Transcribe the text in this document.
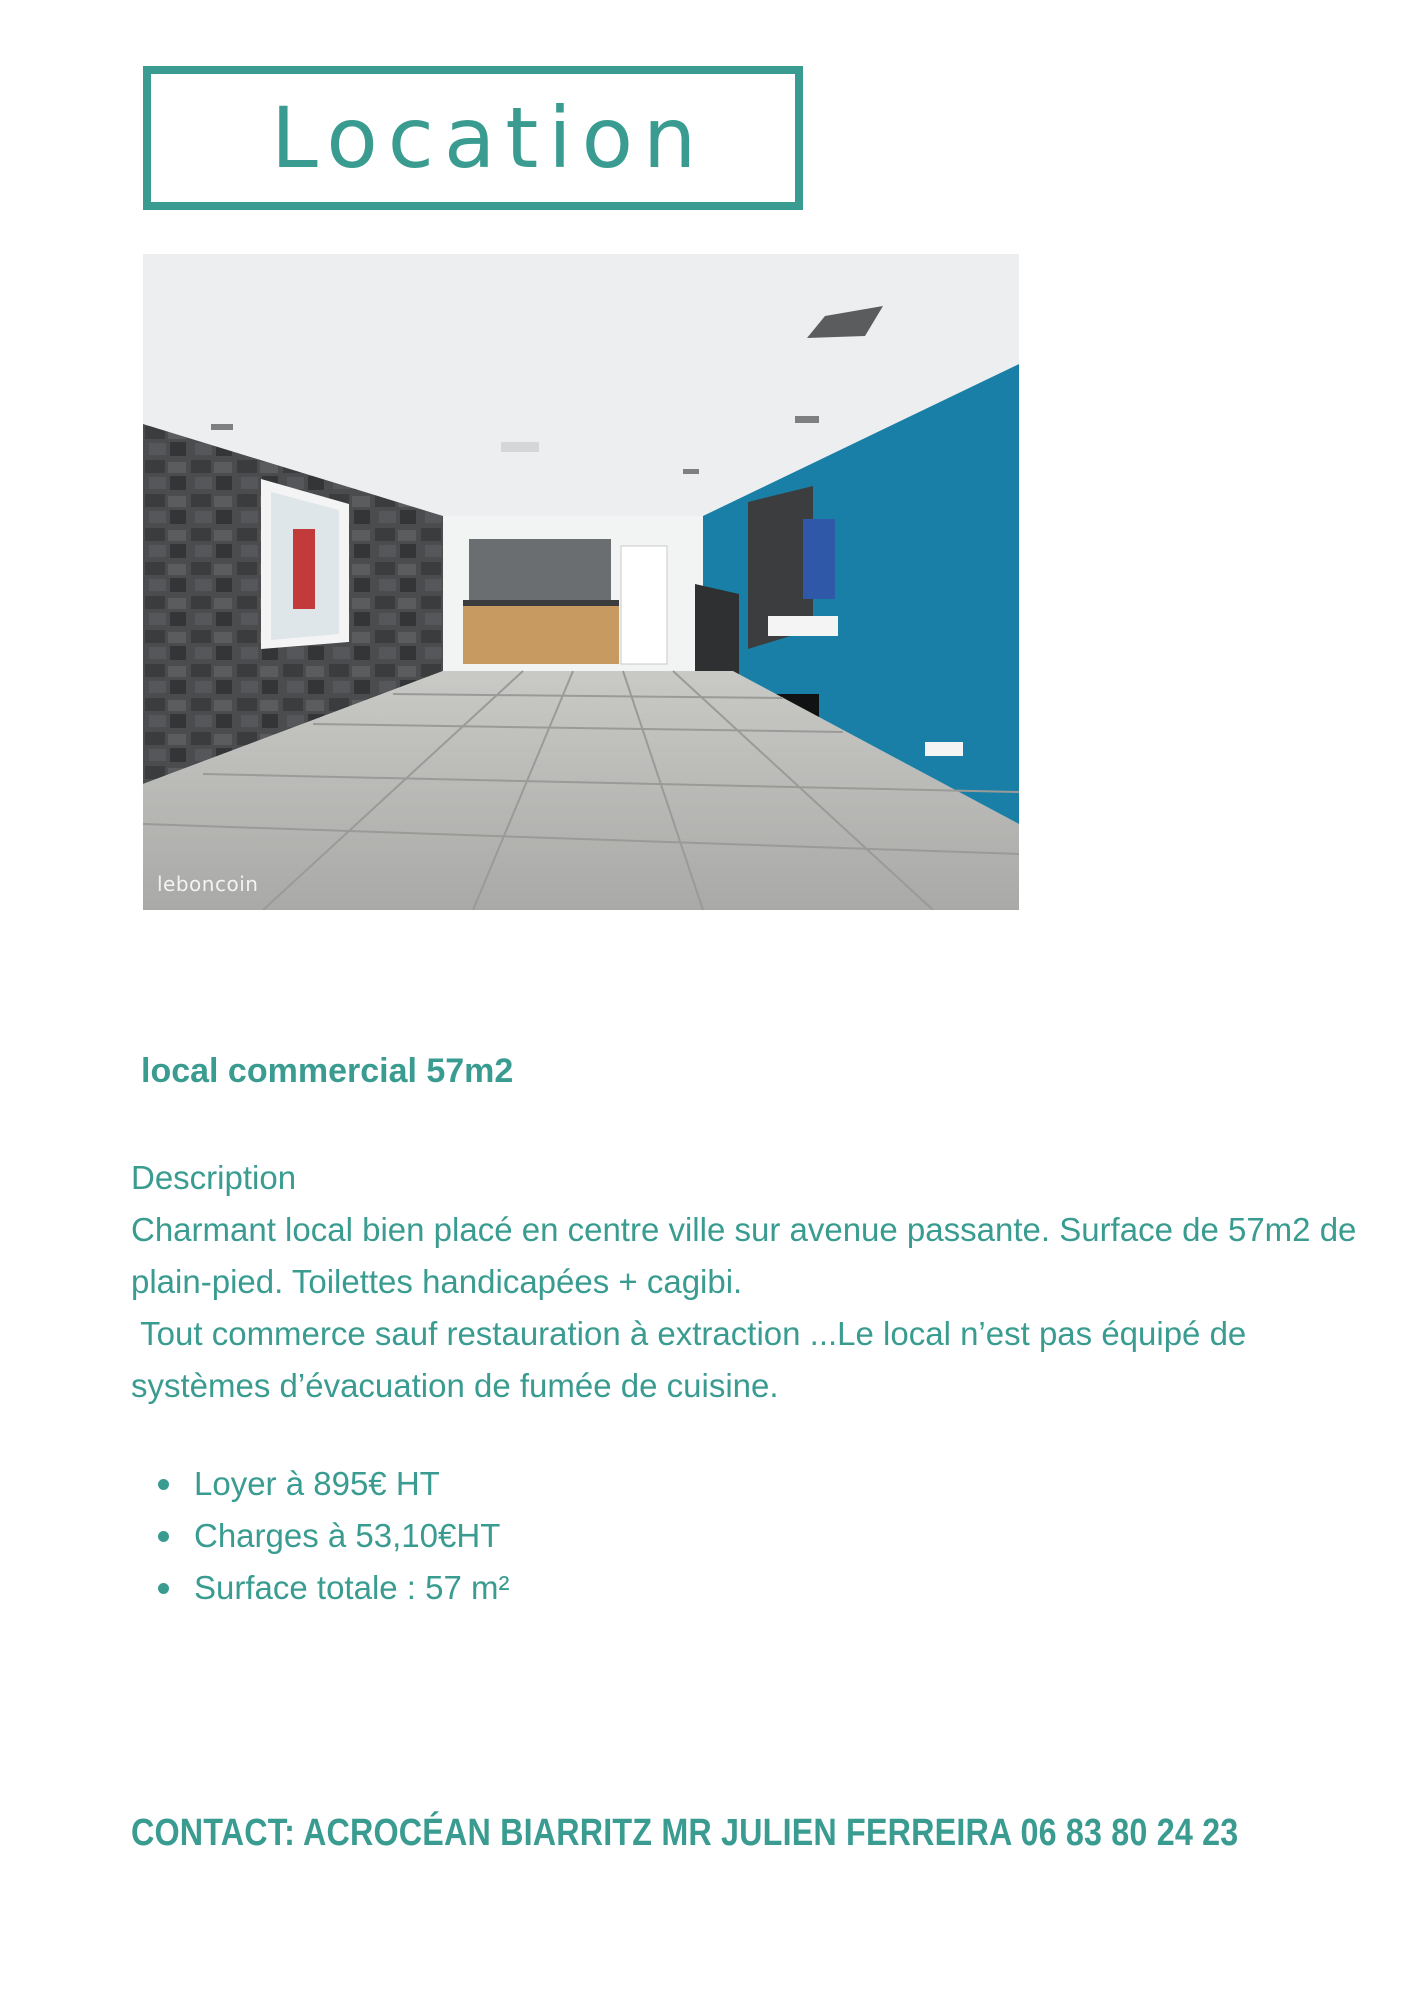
Location
leboncoin
local commercial 57m2

Description

Charmant local bien placé en centre ville sur avenue passante. Surface de 57m2 de plain-pied. Toilettes handicapées + cagibi.

Tout commerce sauf restauration à extraction ...Le local n’est pas équipé de systèmes d’évacuation de fumée de cuisine.

Loyer à 895€ HT
Charges à 53,10€HT
Surface totale : 57 m²
CONTACT: ACROCÉAN BIARRITZ MR JULIEN FERREIRA 06 83 80 24 23
